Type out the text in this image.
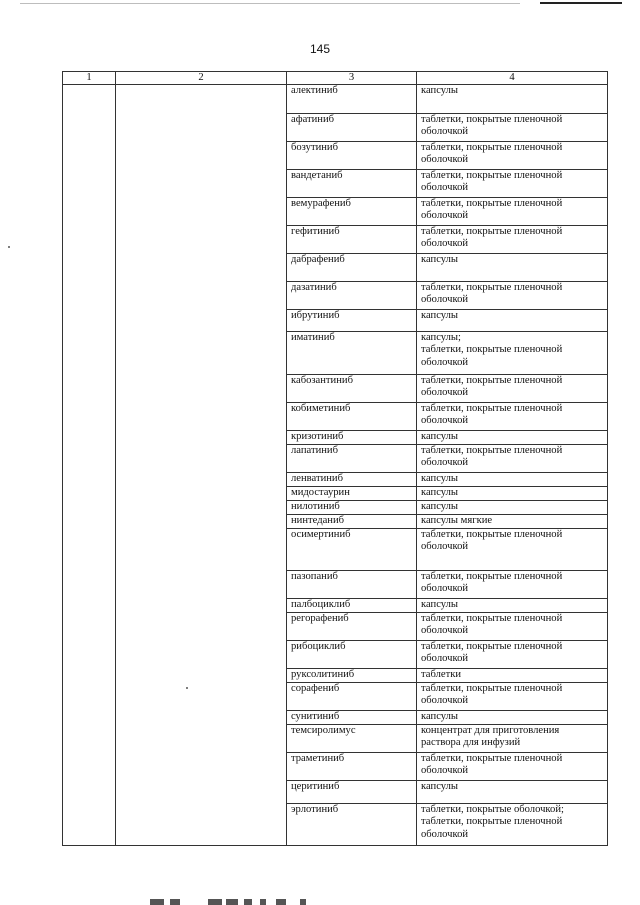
145
1	2	3	4
		алектиниб	капсулы

		афатиниб	таблетки, покрытые пленочной
оболочкой

		бозутиниб	таблетки, покрытые пленочной
оболочкой

		вандетаниб	таблетки, покрытые пленочной
оболочкой

		вемурафениб	таблетки, покрытые пленочной
оболочкой

		гефитиниб	таблетки, покрытые пленочной
оболочкой

		дабрафениб	капсулы

		дазатиниб	таблетки, покрытые пленочной
оболочкой

		ибрутиниб	капсулы

		иматиниб	капсулы;
таблетки, покрытые пленочной
оболочкой

		кабозантиниб	таблетки, покрытые пленочной
оболочкой

		кобиметиниб	таблетки, покрытые пленочной
оболочкой

		кризотиниб	капсулы

		лапатиниб	таблетки, покрытые пленочной
оболочкой

		ленватиниб	капсулы

		мидостаурин	капсулы

		нилотиниб	капсулы

		нинтеданиб	капсулы мягкие

		осимертиниб	таблетки, покрытые пленочной
оболочкой

		пазопаниб	таблетки, покрытые пленочной
оболочкой

		палбоциклиб	капсулы

		регорафениб	таблетки, покрытые пленочной
оболочкой

		рибоциклиб	таблетки, покрытые пленочной
оболочкой

		руксолитиниб	таблетки

		сорафениб	таблетки, покрытые пленочной
оболочкой

		сунитиниб	капсулы

		темсиролимус	концентрат для приготовления
раствора для инфузий

		траметиниб	таблетки, покрытые пленочной
оболочкой

		церитиниб	капсулы

		эрлотиниб	таблетки, покрытые оболочкой;
таблетки, покрытые пленочной
оболочкой
